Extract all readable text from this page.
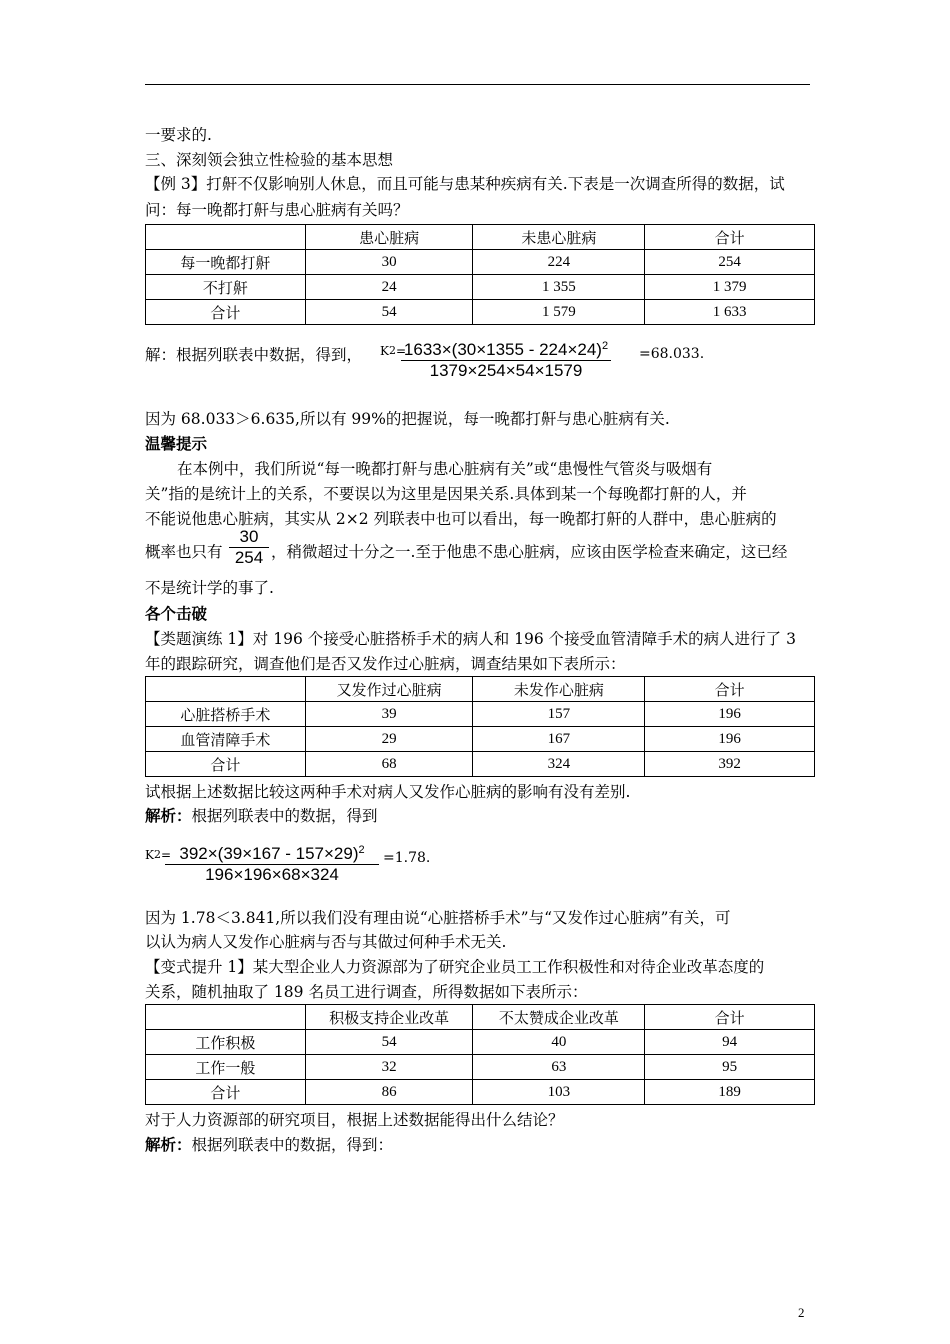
一要求的.
三、深刻领会独立性检验的基本思想
【例 3】打鼾不仅影响别人休息，而且可能与患某种疾病有关.下表是一次调查所得的数据，试
问：每一晚都打鼾与患心脏病有关吗？
	患心脏病	未患心脏病	合计
每一晚都打鼾	30	224	254
不打鼾	24	1 355	1 379
合计	54	1 579	1 633
解：根据列联表中数据，得到，	$K^2=$
$\frac{1633\times(30\times 1355 - 224\times 24)^2}{1379\times 254\times 54\times 1579} =68.033$.
因为 68.033＞6.635,所以有 99%的把握说，每一晚都打鼾与患心脏病有关.
温馨提示
在本例中，我们所说“每一晚都打鼾与患心脏病有关”或“患慢性气管炎与吸烟有
关”指的是统计上的关系，不要误以为这里是因果关系.具体到某一个每晚都打鼾的人，并
不能说他患心脏病，其实从 2×2 列联表中也可以看出，每一晚都打鼾的人群中，患心脏病的
概率也只有 $\frac{30}{254}$ ，稍微超过十分之一.至于他患不患心脏病，应该由医学检查来确定，这已经
不是统计学的事了.
各个击破
【类题演练 1】对 196 个接受心脏搭桥手术的病人和 196 个接受血管清障手术的病人进行了 3
年的跟踪研究，调查他们是否又发作过心脏病，调查结果如下表所示：
	又发作过心脏病	未发作心脏病	合计
心脏搭桥手术	39	157	196
血管清障手术	29	167	196
合计	68	324	392
试根据上述数据比较这两种手术对病人又发作心脏病的影响有没有差别.
解析：根据列联表中的数据，得到
$K^2=$
$\frac{392\times(39\times 167 - 157\times 29)^2}{196\times 196\times 68\times 324} =1.78$.
因为 1.78＜3.841,所以我们没有理由说“心脏搭桥手术”与“又发作过心脏病”有关，可
以认为病人又发作心脏病与否与其做过何种手术无关.
【变式提升 1】某大型企业人力资源部为了研究企业员工工作积极性和对待企业改革态度的
关系，随机抽取了 189 名员工进行调查，所得数据如下表所示：
	积极支持企业改革	不太赞成企业改革	合计
工作积极	54	40	94
工作一般	32	63	95
合计	86	103	189
对于人力资源部的研究项目，根据上述数据能得出什么结论？
解析：根据列联表中的数据，得到：
2
